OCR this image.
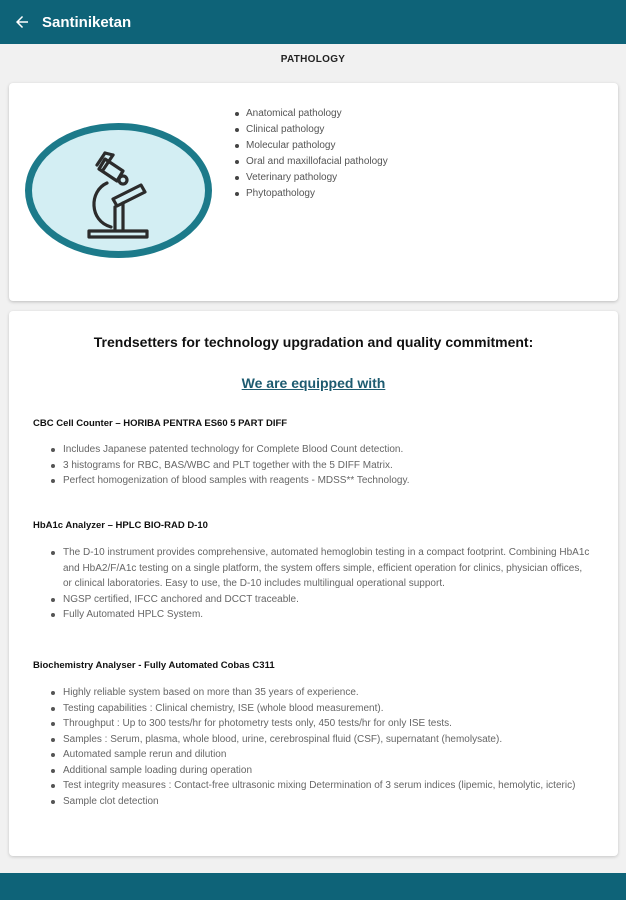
Santiniketan
PATHOLOGY
Anatomical pathology
Clinical pathology
Molecular pathology
Oral and maxillofacial pathology
Veterinary pathology
Phytopathology
Trendsetters for technology upgradation and quality commitment:
We are equipped with
CBC Cell Counter – HORIBA PENTRA ES60 5 PART DIFF
Includes Japanese patented technology for Complete Blood Count detection.
3 histograms for RBC, BAS/WBC and PLT together with the 5 DIFF Matrix.
Perfect homogenization of blood samples with reagents - MDSS** Technology.
HbA1c Analyzer – HPLC BIO-RAD D-10
The D-10 instrument provides comprehensive, automated hemoglobin testing in a compact footprint. Combining HbA1c and HbA2/F/A1c testing on a single platform, the system offers simple, efficient operation for clinics, physician offices, or clinical laboratories. Easy to use, the D-10 includes multilingual operational support.
NGSP certified, IFCC anchored and DCCT traceable.
Fully Automated HPLC System.
Biochemistry Analyser - Fully Automated Cobas C311
Highly reliable system based on more than 35 years of experience.
Testing capabilities : Clinical chemistry, ISE (whole blood measurement).
Throughput : Up to 300 tests/hr for photometry tests only, 450 tests/hr for only ISE tests.
Samples : Serum, plasma, whole blood, urine, cerebrospinal fluid (CSF), supernatant (hemolysate).
Automated sample rerun and dilution
Additional sample loading during operation
Test integrity measures : Contact-free ultrasonic mixing Determination of 3 serum indices (lipemic, hemolytic, icteric)
Sample clot detection
